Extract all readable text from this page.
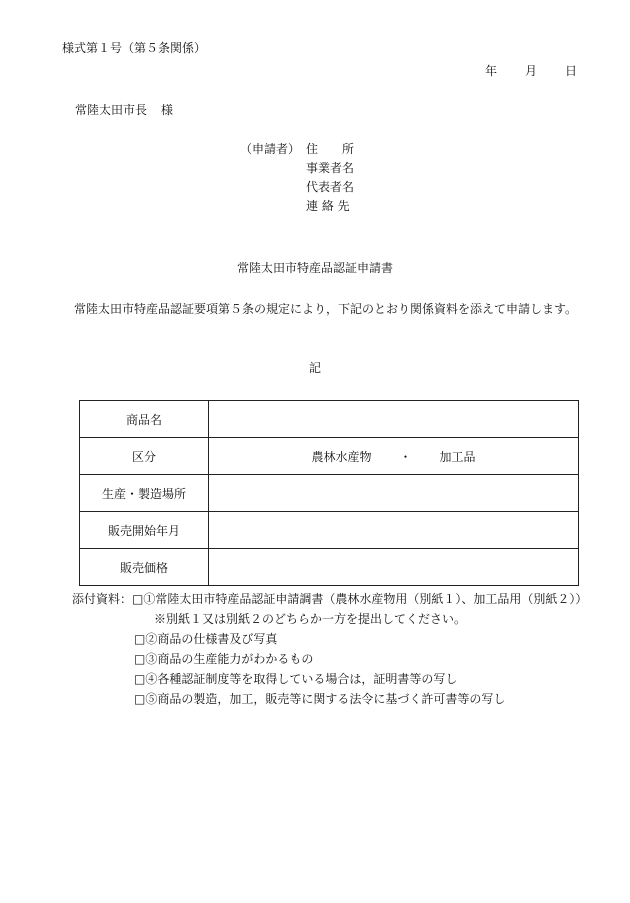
様式第１号（第５条関係）
年 月 日
常陸太田市長 様
（申請者） 住　　所
事業者名
代表者名
連 絡 先
常陸太田市特産品認証申請書
常陸太田市特産品認証要項第５条の規定により，下記のとおり関係資料を添えて申請します。
記
商品名	
区分	農林水産物 ・ 加工品
生産・製造場所	
販売開始年月	
販売価格	
添付資料：□①常陸太田市特産品認証申請調書（農林水産物用（別紙１）、加工品用（別紙２））
※別紙１又は別紙２のどちらか一方を提出してください。
□②商品の仕様書及び写真
□③商品の生産能力がわかるもの
□④各種認証制度等を取得している場合は，証明書等の写し
□⑤商品の製造，加工，販売等に関する法令に基づく許可書等の写し
